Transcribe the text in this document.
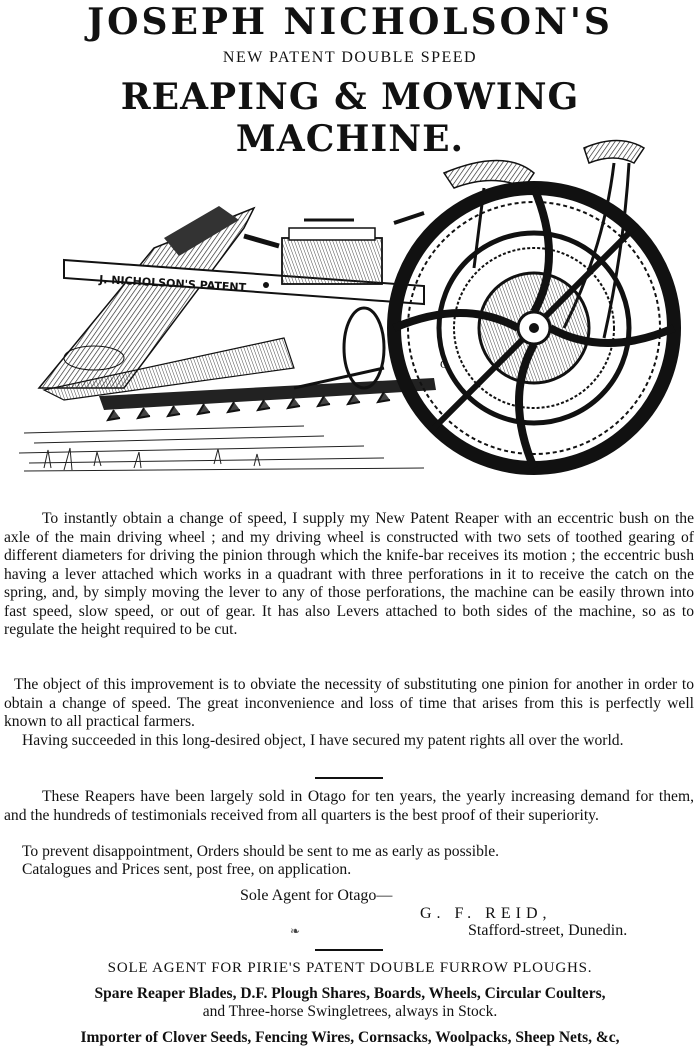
JOSEPH NICHOLSON'S
NEW PATENT DOUBLE SPEED
REAPING & MOWING MACHINE.
J. NICHOLSON'S PATENT
C

To instantly obtain a change of speed, I supply my New Patent Reaper with an eccentric bush on the axle of the main driving wheel ; and my driving wheel is constructed with two sets of toothed gearing of different diameters for driving the pinion through which the knife-bar receives its motion ; the eccentric bush having a lever attached which works in a quadrant with three perforations in it to receive the catch on the spring, and, by simply moving the lever to any of those perforations, the machine can be easily thrown into fast speed, slow speed, or out of gear. It has also Levers attached to both sides of the machine, so as to regulate the height required to be cut.

The object of this improvement is to obviate the necessity of substituting one pinion for another in order to obtain a change of speed. The great inconvenience and loss of time that arises from this is perfectly well known to all practical farmers.

Having succeeded in this long-desired object, I have secured my patent rights all over the world.

These Reapers have been largely sold in Otago for ten years, the yearly increasing demand for them, and the hundreds of testimonials received from all quarters is the best proof of their superiority.

To prevent disappointment, Orders should be sent to me as early as possible.

Catalogues and Prices sent, post free, on application.

Sole Agent for Otago—
G. F. REID,
❧	Stafford-street, Dunedin.
SOLE AGENT FOR PIRIE'S PATENT DOUBLE FURROW PLOUGHS.
Spare Reaper Blades, D.F. Plough Shares, Boards, Wheels, Circular Coulters,
and Three-horse Swingletrees, always in Stock.
Importer of Clover Seeds, Fencing Wires, Cornsacks, Woolpacks, Sheep Nets, &c,
